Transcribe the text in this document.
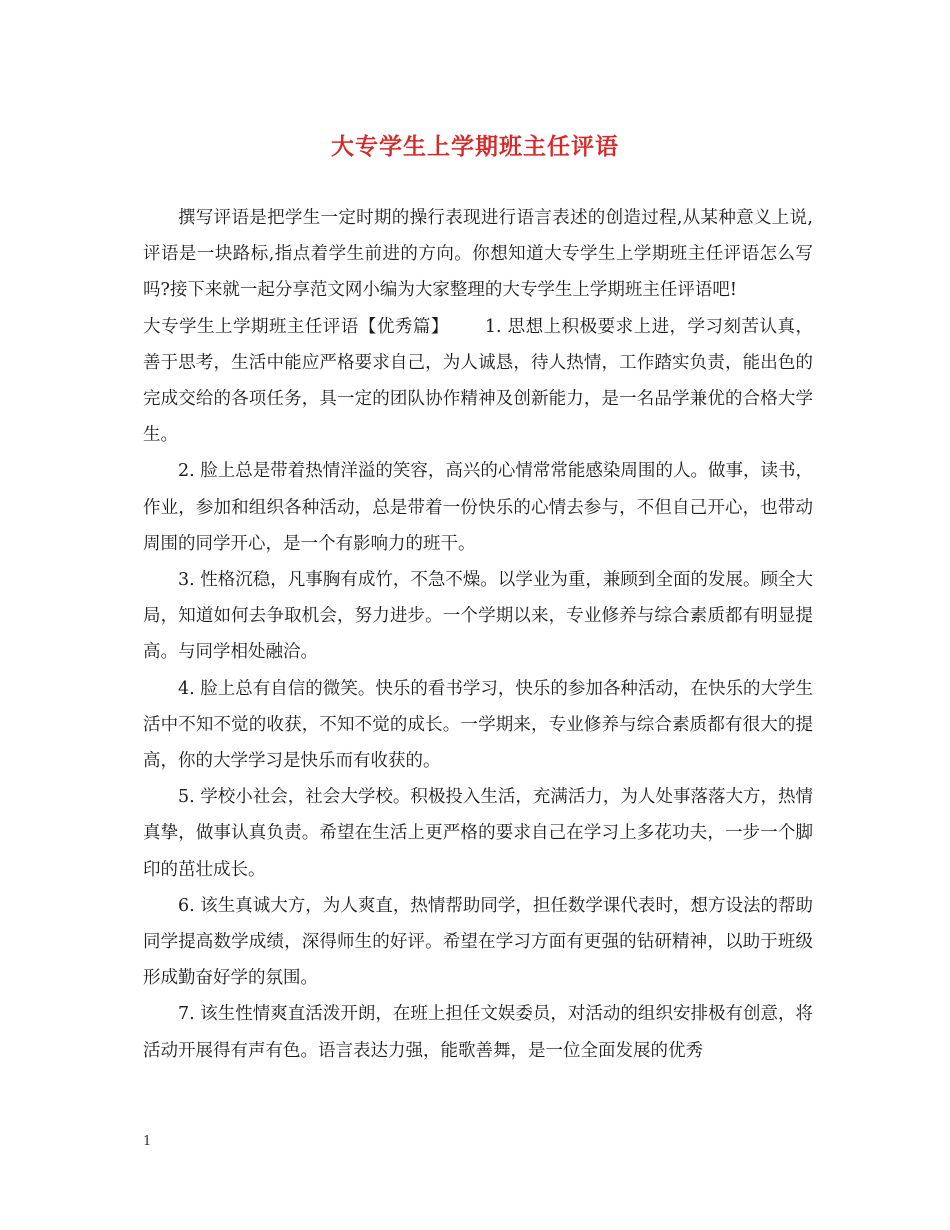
大专学生上学期班主任评语

撰写评语是把学生一定时期的操行表现进行语言表述的创造过程,从某种意义上说,评语是一块路标,指点着学生前进的方向。你想知道大专学生上学期班主任评语怎么写吗?接下来就一起分享范文网小编为大家整理的大专学生上学期班主任评语吧!

大专学生上学期班主任评语【优秀篇】 1. 思想上积极要求上进，学习刻苦认真，善于思考，生活中能应严格要求自己，为人诚恳，待人热情，工作踏实负责，能出色的完成交给的各项任务，具一定的团队协作精神及创新能力，是一名品学兼优的合格大学生。

2. 脸上总是带着热情洋溢的笑容，高兴的心情常常能感染周围的人。做事，读书，作业，参加和组织各种活动，总是带着一份快乐的心情去参与，不但自己开心，也带动周围的同学开心，是一个有影响力的班干。

3. 性格沉稳，凡事胸有成竹，不急不燥。以学业为重，兼顾到全面的发展。顾全大局，知道如何去争取机会，努力进步。一个学期以来，专业修养与综合素质都有明显提高。与同学相处融洽。

4. 脸上总有自信的微笑。快乐的看书学习，快乐的参加各种活动，在快乐的大学生活中不知不觉的收获，不知不觉的成长。一学期来，专业修养与综合素质都有很大的提高，你的大学学习是快乐而有收获的。

5. 学校小社会，社会大学校。积极投入生活，充满活力，为人处事落落大方，热情真挚，做事认真负责。希望在生活上更严格的要求自己在学习上多花功夫，一步一个脚印的茁壮成长。

6. 该生真诚大方，为人爽直，热情帮助同学，担任数学课代表时，想方设法的帮助同学提高数学成绩，深得师生的好评。希望在学习方面有更强的钻研精神，以助于班级形成勤奋好学的氛围。

7. 该生性情爽直活泼开朗，在班上担任文娱委员，对活动的组织安排极有创意，将活动开展得有声有色。语言表达力强，能歌善舞，是一位全面发展的优秀

1
